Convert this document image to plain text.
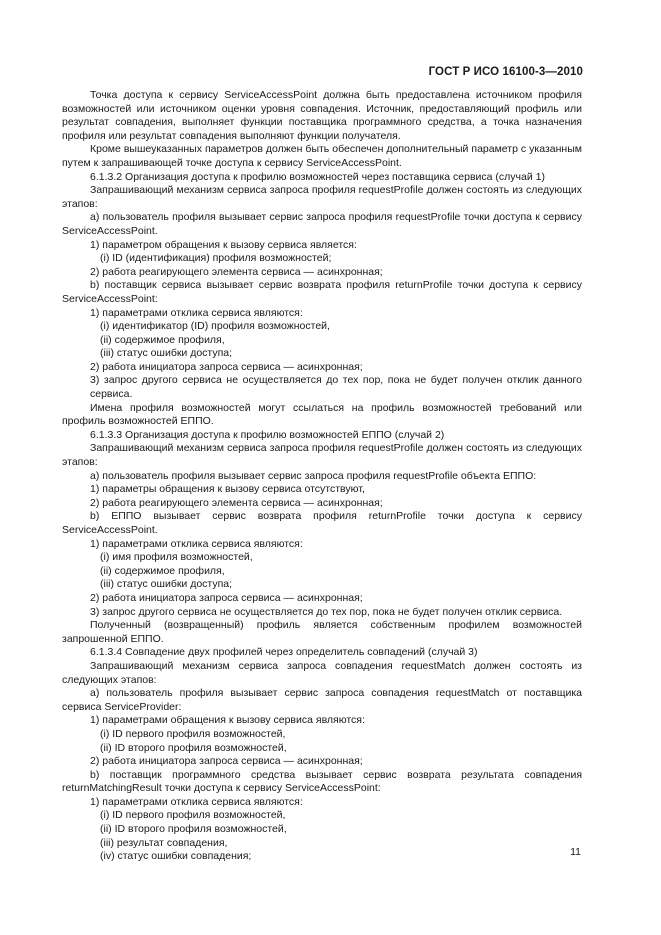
ГОСТ Р ИСО 16100-3—2010

Точка доступа к сервису ServiceAccessPoint должна быть предоставлена источником профиля возможностей или источником оценки уровня совпадения. Источник, предоставляющий профиль или результат совпадения, выполняет функции поставщика программного средства, а точка назначения профиля или результат совпадения выполняют функции получателя.

Кроме вышеуказанных параметров должен быть обеспечен дополнительный параметр с указанным путем к запрашивающей точке доступа к сервису ServiceAccessPoint.

6.1.3.2 Организация доступа к профилю возможностей через поставщика сервиса (случай 1)

Запрашивающий механизм сервиса запроса профиля requestProfile должен состоять из следующих этапов:

a) пользователь профиля вызывает сервис запроса профиля requestProfile точки доступа к сервису ServiceAccessPoint.

1) параметром обращения к вызову сервиса является:

(i) ID (идентификация) профиля возможностей;

2) работа реагирующего элемента сервиса — асинхронная;

b) поставщик сервиса вызывает сервис возврата профиля returnProfile точки доступа к сервису ServiceAccessPoint:

1) параметрами отклика сервиса являются:

(i) идентификатор (ID) профиля возможностей,

(ii) содержимое профиля,

(iii) статус ошибки доступа;

2) работа инициатора запроса сервиса — асинхронная;

3) запрос другого сервиса не осуществляется до тех пор, пока не будет получен отклик данного сервиса.

Имена профиля возможностей могут ссылаться на профиль возможностей требований или профиль возможностей ЕППО.

6.1.3.3 Организация доступа к профилю возможностей ЕППО (случай 2)

Запрашивающий механизм сервиса запроса профиля requestProfile должен состоять из следующих этапов:

a) пользователь профиля вызывает сервис запроса профиля requestProfile объекта ЕППО:

1) параметры обращения к вызову сервиса отсутствуют,

2) работа реагирующего элемента сервиса — асинхронная;

b) ЕППО вызывает сервис возврата профиля returnProfile точки доступа к сервису ServiceAccessPoint.

1) параметрами отклика сервиса являются:

(i) имя профиля возможностей,

(ii) содержимое профиля,

(iii) статус ошибки доступа;

2) работа инициатора запроса сервиса — асинхронная;

3) запрос другого сервиса не осуществляется до тех пор, пока не будет получен отклик сервиса.

Полученный (возвращенный) профиль является собственным профилем возможностей запрошенной ЕППО.

6.1.3.4 Совпадение двух профилей через определитель совпадений (случай 3)

Запрашивающий механизм сервиса запроса совпадения requestMatch должен состоять из следующих этапов:

a) пользователь профиля вызывает сервис запроса совпадения requestMatch от поставщика сервиса ServiceProvider:

1) параметрами обращения к вызову сервиса являются:

(i) ID первого профиля возможностей,

(ii) ID второго профиля возможностей,

2) работа инициатора запроса сервиса — асинхронная;

b) поставщик программного средства вызывает сервис возврата результата совпадения returnMatchingResult точки доступа к сервису ServiceAccessPoint:

1) параметрами отклика сервиса являются:

(i) ID первого профиля возможностей,

(ii) ID второго профиля возможностей,

(iii) результат совпадения,

(iv) статус ошибки совпадения;	11
